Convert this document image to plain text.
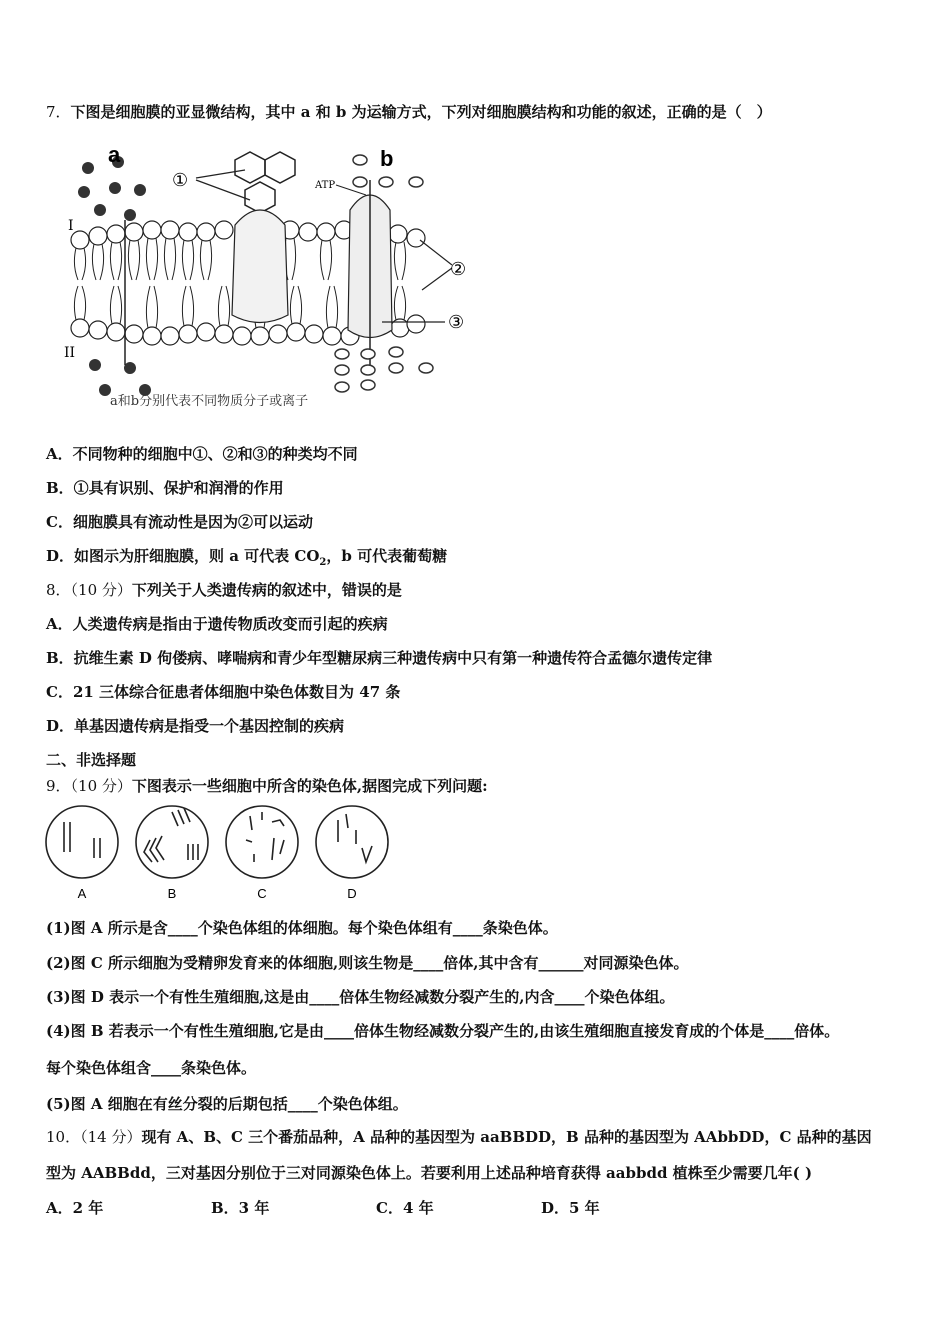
7．下图是细胞膜的亚显微结构，其中 a 和 b 为运输方式，下列对细胞膜结构和功能的叙述，正确的是（　）
a
I
II
①	ATP
b
②
③
a和b分别代表不同物质分子或离子
A．不同物种的细胞中①、②和③的种类均不同
B．①具有识别、保护和润滑的作用
C．细胞膜具有流动性是因为②可以运动
D．如图示为肝细胞膜，则 a 可代表 $CO_2$，b 可代表葡萄糖
8．（10 分）下列关于人类遗传病的叙述中，错误的是
A．人类遗传病是指由于遗传物质改变而引起的疾病
B．抗维生素 D 佝偻病、哮喘病和青少年型糖尿病三种遗传病中只有第一种遗传符合孟德尔遗传定律
C．21 三体综合征患者体细胞中染色体数目为 47 条
D．单基因遗传病是指受一个基因控制的疾病
二、非选择题
9．（10 分）下图表示一些细胞中所含的染色体,据图完成下列问题:
A	B	C	D
(1)图 A 所示是含____个染色体组的体细胞。每个染色体组有____条染色体。
(2)图 C 所示细胞为受精卵发育来的体细胞,则该生物是____倍体,其中含有______对同源染色体。
(3)图 D 表示一个有性生殖细胞,这是由____倍体生物经减数分裂产生的,内含____个染色体组。
(4)图 B 若表示一个有性生殖细胞,它是由____倍体生物经减数分裂产生的,由该生殖细胞直接发育成的个体是____倍体。
每个染色体组含____条染色体。
(5)图 A 细胞在有丝分裂的后期包括____个染色体组。
10．（14 分）现有 A、B、C 三个番茄品种，A 品种的基因型为 aaBBDD，B 品种的基因型为 AAbbDD，C 品种的基因
型为 AABBdd，三对基因分别位于三对同源染色体上。若要利用上述品种培育获得 aabbdd 植株至少需要几年( )
A．2 年	B．3 年	C．4 年	D．5 年
